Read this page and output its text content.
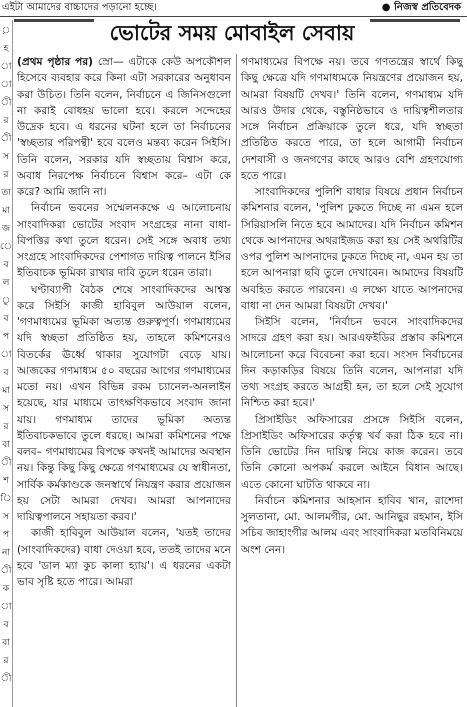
এইটা আমাদের বাচ্চাদের পড়ানো হচ্ছে।	● নিজস্ব প্রতিবেদক
ভোটের সময় মোবাইল সেবায়
়
হ
া
া
ী
র
ী
স
র
তা
মা
জ
ে
ব
ল
ু
ব
প
া
ব
মা
স
র
বা
ী
শ
ি
স
প
না
ী
ক
া
ব
বা
র
ী

(প্রথম পৃষ্ঠার পর) স্রো— এটাকে কেউ অপকৌশল হিসেবে ব্যবহার করে কিনা এটা সরকারের অনুধাবন করা উচিত। তিনি বলেন, নির্বাচনে এ জিনিসগুলো না করাই বোধহয় ভালো হবে। করলে সন্দেহের উদ্রেক হবে। এ ধরনের ঘটনা হলে তা নির্বাচনের 'স্বচ্ছতার পরিপন্থী' হবে বলেও মন্তব্য করেন সিইসি। তিনি বলেন, সরকার যদি স্বচ্ছতায় বিশ্বাস করে, অবাধ নিরপেক্ষ নির্বাচনে বিশ্বাস করে– এটা কে করে? আমি জানি না।

নির্বাচন ভবনের সম্মেলনকক্ষে এ আলোচনায় সাংবাদিকরা ভোটের সংবাদ সংগ্রহের নানা বাধা-বিপত্তির কথা তুলে ধরেন। সেই সঙ্গে অবাধ তথ্য সংগ্রহে সাংবাদিকদের পেশাগত দায়িত্ব পালনে ইসির ইতিবাচক ভূমিকা রাখার দাবি তুলে ধরেন তারা।

ঘণ্টাব্যাপী বৈঠক শেষে সাংবাদিকদের আশ্বস্ত করে সিইসি কাজী হাবিবুল আউয়াল বলেন, 'গণমাধ্যমের ভূমিকা অত্যন্ত গুরুত্বপূর্ণ। গণমাধ্যমের যদি স্বচ্ছতা প্রতিষ্ঠিত হয়, তাহলে কমিশনেরও বিতর্কের ঊর্ধ্বে থাকার সুযোগটা বেড়ে যায়। আজকের গণমাধ্যম ৫০ বছরের আগের গণমাধ্যমের মতো নয়। এখন বিভিন্ন রকম চ্যানেল-অনলাইন হয়েছে, যার মাধ্যমে তাৎক্ষণিকভাবে সংবাদ জানা যায়। গণমাধ্যম তাদের ভূমিকা অত্যন্ত ইতিবাচকভাবে তুলে ধরছে। আমরা কমিশনের পক্ষে বলব– গণমাধ্যমের বিপক্ষে কখনই আমাদের অবস্থান নয়। কিন্তু কিছু কিছু ক্ষেত্রে গণমাধ্যমের যে স্বাধীনতা, সার্বিক কর্মকাণ্ডকে জনস্বার্থে নিয়ন্ত্রণ করার প্রয়োজন হয় সেটা আমরা দেখব। আমরা আপনাদের দায়িত্বপালনে সহায়তা করব।'

কাজী হাবিবুল আউয়াল বলেন, 'যতই তাদের (সাংবাদিকদের) বাধা দেওয়া হবে, ততই তাদের মনে হবে 'ডাল ম্যা কুচ কালা হ্যায়'। এ ধরনের একটা ভাব সৃষ্টি হতে পারে। আমরা

গণমাধ্যমের বিপক্ষে নয়। তবে গণতন্ত্রের স্বার্থে কিছু কিছু ক্ষেত্রে যদি গণমাধ্যমকে নিয়ন্ত্রণের প্রয়োজন হয়, আমরা বিষয়টি দেখব।' তিনি বলেন, গণমাধ্যম যদি আরও উদার থেকে, বস্তুনিষ্ঠভাবে ও দায়িত্বশীলতার সঙ্গে নির্বাচন প্রক্রিয়াকে তুলে ধরে, যদি স্বচ্ছতা প্রতিষ্ঠিত করতে পারে, তা হলে আগামী নির্বাচন দেশবাসী ও জনগণের কাছে আরও বেশি গ্রহণযোগ্য হতে পারে।

সাংবাদিকদের পুলিশি বাধার বিষয়ে প্রধান নির্বাচন কমিশনার বলেন, 'পুলিশ ঢুকতে দিচ্ছে না এমন হলে সিরিয়াসলি নিতে হবে আমাদের। যদি নির্বাচন কমিশন থেকে আপনাদের অথরাইজড করা হয় সেই অথরিটির ওপর পুলিশ আপনাদের ঢুকতে দিচ্ছে না, এমন হয় তা হলে আপনারা ছবি তুলে দেখাবেন। আমাদের বিষয়টি অবহিত করতে পারবেন। এ লক্ষ্যে যাতে আপনাদের বাধা না দেন আমরা বিষয়টা দেখব।'

সিইসি বলেন, 'নির্বাচন ভবনে সাংবাদিকদের সাদরে গ্রহণ করা হয়। আরএফইডির প্রস্তাব কমিশনে আলোচনা করে বিবেচনা করা হবে। সংসদ নির্বাচনের দিন কড়াকড়ির বিষয়ে তিনি বলেন, আপনারা যদি তথ্য সংগ্রহ করতে আগ্রহী হন, তা হলে সেই সুযোগ নিশ্চিত করা হবে।'

প্রিসাইডিং অফিসারের প্রসঙ্গে সিইসি বলেন, প্রিসাইডিং অফিসারের কর্তৃত্ব খর্ব করা ঠিক হবে না। তিনি ভোটের দিন দায়িত্ব নিয়ে কাজ করেন। তবে তিনি কোনো অপকর্ম করলে আইনে বিধান আছে। এতে কোনো ঘাটতি থাকবে না।

নির্বাচন কমিশনার আহসান হাবিব খান, রাশেদা সুলতানা, মো. আলমগীর, মো. আনিছুর রহমান, ইসি সচিব জাহাংগীর আলম এবং সাংবাদিকরা মতবিনিময়ে অংশ নেন।
